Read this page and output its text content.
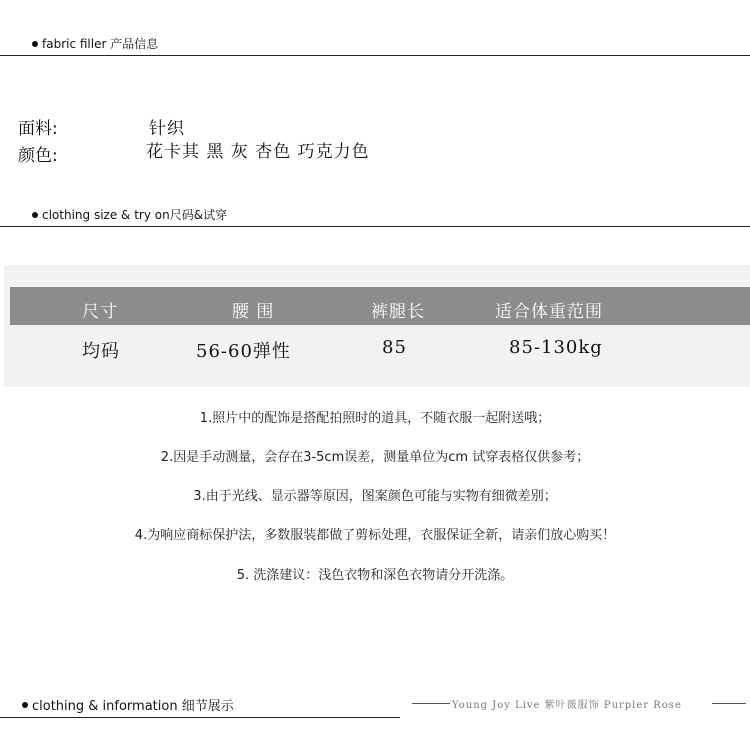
fabric filler 产品信息
面料:	针织
颜色:	花卡其 黑 灰 杏色 巧克力色
clothing size & try on尺码&试穿
尺寸	腰 围	裤腿长	适合体重范围
均码	56-60弹性	85	85-130kg
1.照片中的配饰是搭配拍照时的道具，不随衣服一起附送哦；
2.因是手动测量，会存在3-5cm误差，测量单位为cm 试穿表格仅供参考；
3.由于光线、显示器等原因，图案颜色可能与实物有细微差别；
4.为响应商标保护法，多数服装都做了剪标处理，衣服保证全新，请亲们放心购买！
5. 洗涤建议：浅色衣物和深色衣物请分开洗涤。
clothing & information 细节展示	Young Joy Live 紫叶薇服饰 Purpler Rose
